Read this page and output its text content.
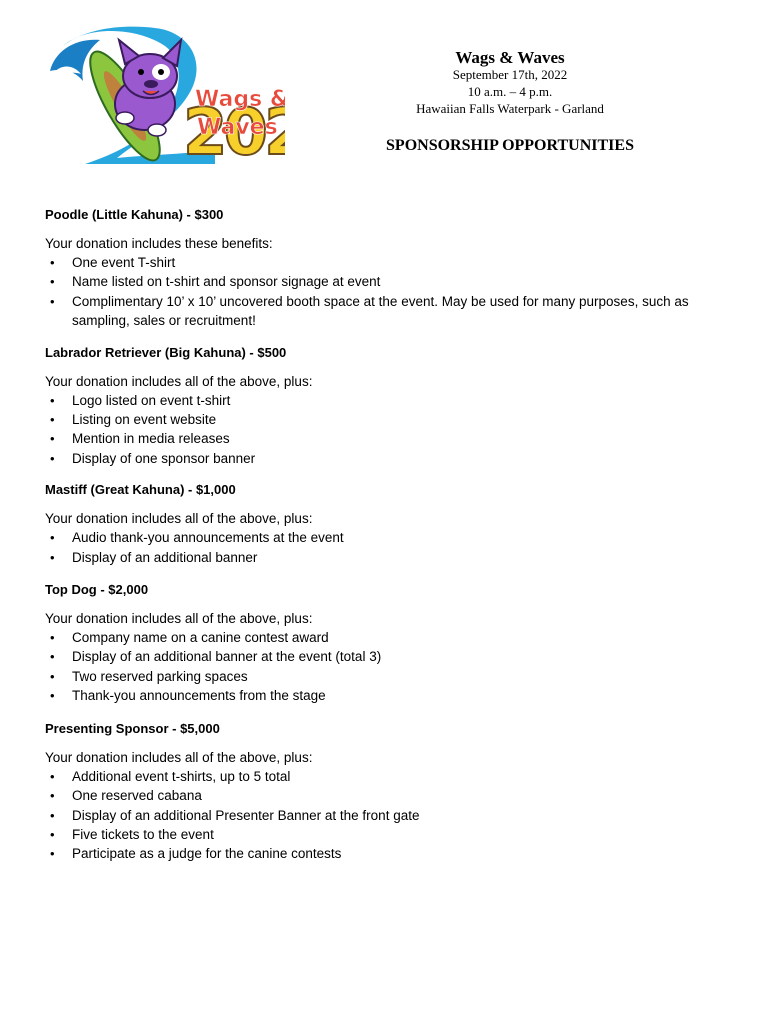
20
Wags &
Waves
Wags & Waves
September 17th, 2022
10 a.m. – 4 p.m.
Hawaiian Falls Waterpark - Garland
SPONSORSHIP OPPORTUNITIES
Poodle (Little Kahuna) - $300
Your donation includes these benefits:
• One event T-shirt
• Name listed on t-shirt and sponsor signage at event
• Complimentary 10’ x 10’ uncovered booth space at the event. May be used for many purposes, such as sampling, sales or recruitment!
Labrador Retriever (Big Kahuna) - $500
Your donation includes all of the above, plus:
• Logo listed on event t-shirt
• Listing on event website
• Mention in media releases
• Display of one sponsor banner
Mastiff (Great Kahuna) - $1,000
Your donation includes all of the above, plus:
• Audio thank-you announcements at the event
• Display of an additional banner
Top Dog - $2,000
Your donation includes all of the above, plus:
• Company name on a canine contest award
• Display of an additional banner at the event (total 3)
• Two reserved parking spaces
• Thank-you announcements from the stage
Presenting Sponsor - $5,000
Your donation includes all of the above, plus:
• Additional event t-shirts, up to 5 total
• One reserved cabana
• Display of an additional Presenter Banner at the front gate
• Five tickets to the event
• Participate as a judge for the canine contests
